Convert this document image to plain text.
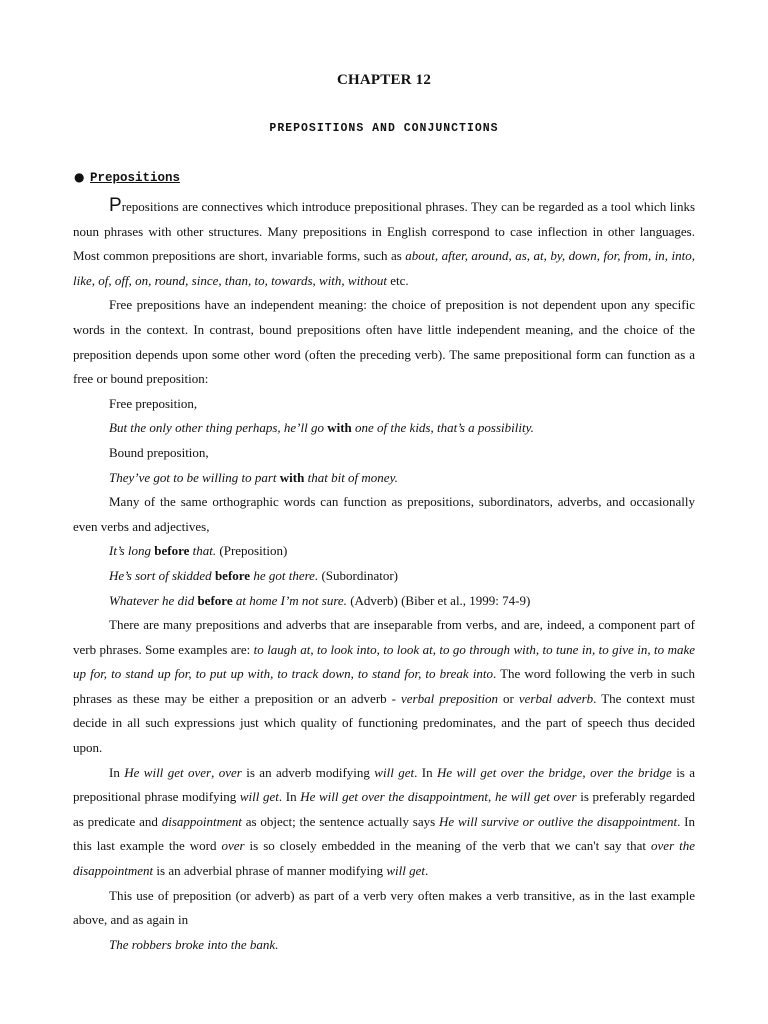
CHAPTER 12
PREPOSITIONS AND CONJUNCTIONS
● Prepositions

Prepositions are connectives which introduce prepositional phrases. They can be regarded as a tool which links noun phrases with other structures. Many prepositions in English correspond to case inflection in other languages. Most common prepositions are short, invariable forms, such as about, after, around, as, at, by, down, for, from, in, into, like, of, off, on, round, since, than, to, towards, with, without etc.

Free prepositions have an independent meaning: the choice of preposition is not dependent upon any specific words in the context. In contrast, bound prepositions often have little independent meaning, and the choice of the preposition depends upon some other word (often the preceding verb). The same prepositional form can function as a free or bound preposition:

Free preposition,

But the only other thing perhaps, he’ll go with one of the kids, that’s a possibility.

Bound preposition,

They’ve got to be willing to part with that bit of money.

Many of the same orthographic words can function as prepositions, subordinators, adverbs, and occasionally even verbs and adjectives,

It’s long before that. (Preposition)

He’s sort of skidded before he got there. (Subordinator)

Whatever he did before at home I’m not sure. (Adverb) (Biber et al., 1999: 74-9)

There are many prepositions and adverbs that are inseparable from verbs, and are, indeed, a component part of verb phrases. Some examples are: to laugh at, to look into, to look at, to go through with, to tune in, to give in, to make up for, to stand up for, to put up with, to track down, to stand for, to break into. The word following the verb in such phrases as these may be either a preposition or an adverb - verbal preposition or verbal adverb. The context must decide in all such expressions just which quality of functioning predominates, and the part of speech thus decided upon.

In He will get over, over is an adverb modifying will get. In He will get over the bridge, over the bridge is a prepositional phrase modifying will get. In He will get over the disappointment, he will get over is preferably regarded as predicate and disappointment as object; the sentence actually says He will survive or outlive the disappointment. In this last example the word over is so closely embedded in the meaning of the verb that we can't say that over the disappointment is an adverbial phrase of manner modifying will get.

This use of preposition (or adverb) as part of a verb very often makes a verb transitive, as in the last example above, and as again in

The robbers broke into the bank.
